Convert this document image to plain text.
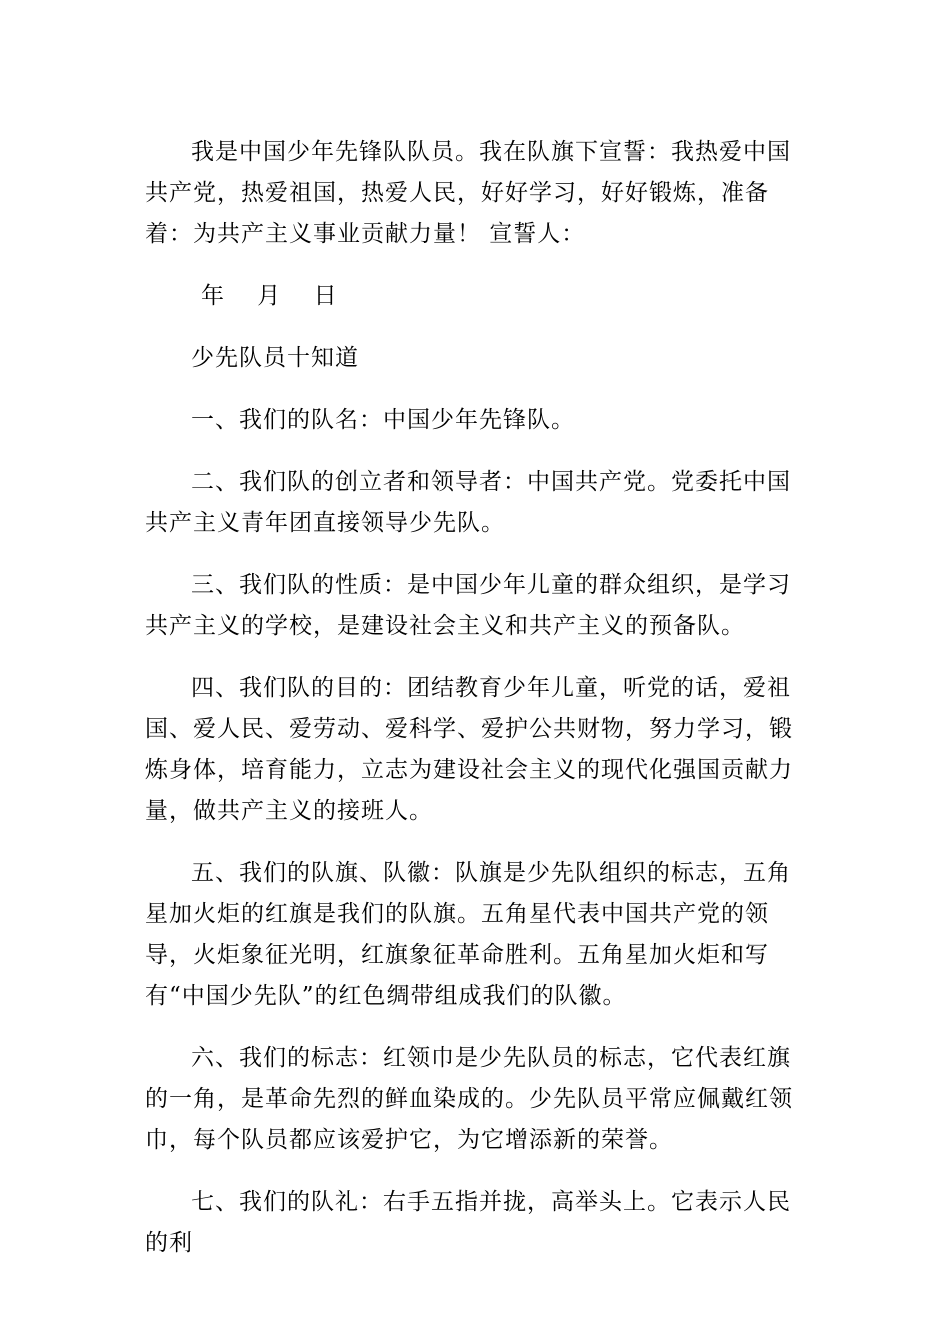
我是中国少年先锋队队员。我在队旗下宣誓：我热爱中国共产党，热爱祖国，热爱人民，好好学习，好好锻炼，准备着：为共产主义事业贡献力量！ 宣誓人：

年 月 日

少先队员十知道

一、我们的队名：中国少年先锋队。

二、我们队的创立者和领导者：中国共产党。党委托中国共产主义青年团直接领导少先队。

三、我们队的性质：是中国少年儿童的群众组织，是学习共产主义的学校，是建设社会主义和共产主义的预备队。

四、我们队的目的：团结教育少年儿童，听党的话，爱祖国、爱人民、爱劳动、爱科学、爱护公共财物，努力学习，锻炼身体，培育能力，立志为建设社会主义的现代化强国贡献力量，做共产主义的接班人。

五、我们的队旗、队徽：队旗是少先队组织的标志，五角星加火炬的红旗是我们的队旗。五角星代表中国共产党的领导，火炬象征光明，红旗象征革命胜利。五角星加火炬和写有“中国少先队”的红色绸带组成我们的队徽。

六、我们的标志：红领巾是少先队员的标志，它代表红旗的一角，是革命先烈的鲜血染成的。少先队员平常应佩戴红领巾，每个队员都应该爱护它，为它增添新的荣誉。

七、我们的队礼：右手五指并拢，高举头上。它表示人民的利
